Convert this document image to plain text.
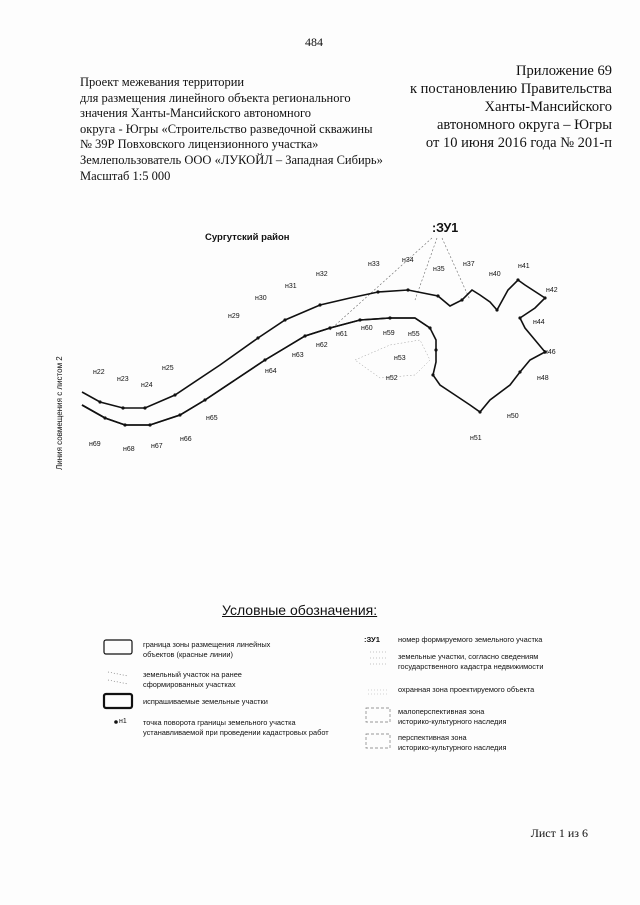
484
Проект межевания территории
для размещения линейного объекта регионального
значения Ханты-Мансийского автономного
округа - Югры «Строительство разведочной скважины
№ 39Р Повховского лицензионного участка»
Землепользователь ООО «ЛУКОЙЛ – Западная Сибирь»
Масштаб 1:5 000
Приложение 69
к постановлению Правительства
Ханты-Мансийского
автономного округа – Югры
от 10 июня 2016 года № 201-п
н22
н23
н24
н25
н29
н30
н31
н32
н33
н34
н35
н37
н40
н41
н42
н44
н46
н48
н50
н51
н52
н53
н55
н59
н60
н61
н62
н63
н64
н65
н66
н67
н68
н69
Сургутский район
:ЗУ1
Линия совмещения с листом 2
Условные обозначения:
граница зоны размещения линейных
объектов (красные линии)
земельный участок на ранее
сформированных участках
испрашиваемые земельные участки
н1 точка поворота границы земельного участка
устанавливаемой при проведении кадастровых работ
:ЗУ1 номер формируемого земельного участка
земельные участки, согласно сведениям
государственного кадастра недвижимости
охранная зона проектируемого объекта
малоперспективная зона
историко-культурного наследия
перспективная зона
историко-культурного наследия
Лист 1 из 6
